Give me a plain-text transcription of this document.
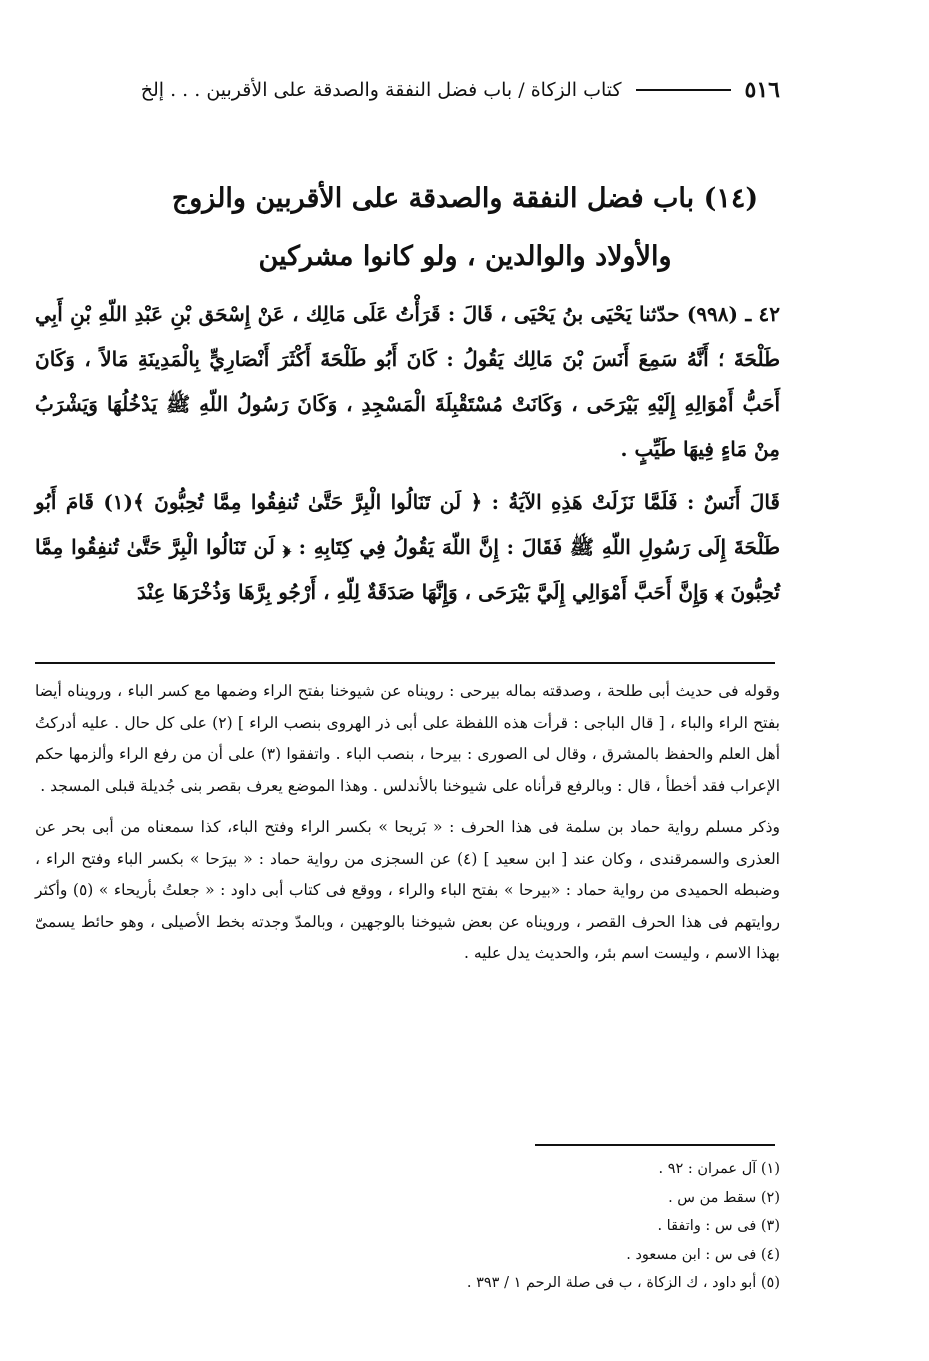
٥١٦
كتاب الزكاة / باب فضل النفقة والصدقة على الأقربين . . . إلخ
(١٤) باب فضل النفقة والصدقة على الأقربين والزوج
والأولاد والوالدين ، ولو كانوا مشركين

٤٢ ـ (٩٩٨) حدّثنا يَحْيَى بنُ يَحْيَى ، قَالَ : قَرَأْتُ عَلَى مَالِك ، عَنْ إِسْحَق بْنِ عَبْدِ اللّهِ بْنِ أَبِي طَلْحَةَ ؛ أَنَّهُ سَمِعَ أَنَسَ بْنَ مَالِك يَقُولُ : كَانَ أَبُو طَلْحَةَ أَكْثَرَ أَنْصَارِيٍّ بِالْمَدِينَةِ مَالاً ، وَكَانَ أَحَبُّ أَمْوَالِهِ إِلَيْهِ بَيْرَحَى ، وَكَانَتْ مُسْتَقْبِلَةَ الْمَسْجِدِ ، وَكَانَ رَسُولُ اللّهِ ﷺ يَدْخُلُهَا وَيَشْرَبُ مِنْ مَاءٍ فِيهَا طَيِّبٍ .

قَالَ أَنَسٌ : فَلَمَّا نَزَلَتْ هَذِهِ الآيَةُ : ﴿ لَن تَنَالُوا الْبِرَّ حَتَّىٰ تُنفِقُوا مِمَّا تُحِبُّونَ ﴾(١) قَامَ أَبُو طَلْحَةَ إِلَى رَسُولِ اللّهِ ﷺ فَقَالَ : إِنَّ اللّهَ يَقُولُ فِي كِتَابِهِ : ﴿ لَن تَنَالُوا الْبِرَّ حَتَّىٰ تُنفِقُوا مِمَّا تُحِبُّونَ ﴾ وَإِنَّ أَحَبَّ أَمْوَالِي إِلَيَّ بَيْرَحَى ، وَإِنَّهَا صَدَقَةٌ لِلّهِ ، أَرْجُو بِرَّهَا وَذُخْرَهَا عِنْدَ

وقوله فى حديث أبى طلحة ، وصدقته بماله بيرحى : رويناه عن شيوخنا بفتح الراء وضمها مع كسر الباء ، ورويناه أيضا بفتح الراء والباء ، [ قال الباجى : قرأت هذه اللفظة على أبى ذر الهروى بنصب الراء ] (٢) على كل حال . عليه أدركتُ أهل العلم والحفظ بالمشرق ، وقال لى الصورى : بيرحا ، بنصب الباء . واتفقوا (٣) على أن من رفع الراء وألزمها حكم الإعراب فقد أخطأ ، قال : وبالرفع قرأناه على شيوخنا بالأندلس . وهذا الموضع يعرف بقصر بنى جُديلة قبلى المسجد .

وذكر مسلم رواية حماد بن سلمة فى هذا الحرف : « بَريحا » بكسر الراء وفتح الباء، كذا سمعناه من أبى بحر عن العذرى والسمرقندى ، وكان عند [ ابن سعيد ] (٤) عن السجزى من رواية حماد : « بيرَحا » بكسر الباء وفتح الراء ، وضبطه الحميدى من رواية حماد : «بيرحا » بفتح الباء والراء ، ووقع فى كتاب أبى داود : « جعلتُ بأريحاء » (٥) وأكثر روايتهم فى هذا الحرف القصر ، ورويناه عن بعض شيوخنا بالوجهين ، وبالمدّ وجدته بخط الأصيلى ، وهو حائط يسمىّ بهذا الاسم ، وليست اسم بئر، والحديث يدل عليه .

(١) آل عمران : ٩٢ .
(٢) سقط من س .
(٣) فى س : واتفقا .
(٤) فى س : ابن مسعود .
(٥) أبو داود ، ك الزكاة ، ب فى صلة الرحم ١ / ٣٩٣ .
